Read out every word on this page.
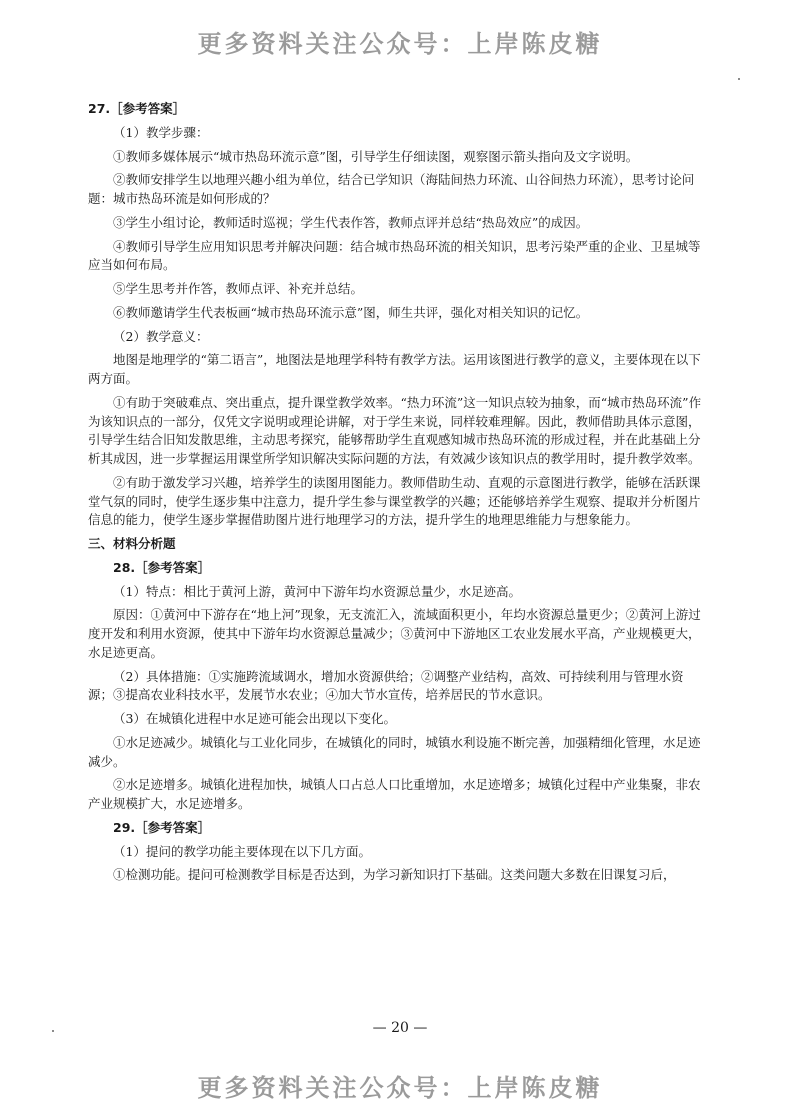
更多资料关注公众号：上岸陈皮糖

27.［参考答案］

（1）教学步骤：

①教师多媒体展示“城市热岛环流示意”图，引导学生仔细读图，观察图示箭头指向及文字说明。

②教师安排学生以地理兴趣小组为单位，结合已学知识（海陆间热力环流、山谷间热力环流），思考讨论问题：城市热岛环流是如何形成的？

③学生小组讨论，教师适时巡视；学生代表作答，教师点评并总结“热岛效应”的成因。

④教师引导学生应用知识思考并解决问题：结合城市热岛环流的相关知识，思考污染严重的企业、卫星城等应当如何布局。

⑤学生思考并作答，教师点评、补充并总结。

⑥教师邀请学生代表板画“城市热岛环流示意”图，师生共评，强化对相关知识的记忆。

（2）教学意义：

地图是地理学的“第二语言”，地图法是地理学科特有教学方法。运用该图进行教学的意义，主要体现在以下两方面。

①有助于突破难点、突出重点，提升课堂教学效率。“热力环流”这一知识点较为抽象，而“城市热岛环流”作为该知识点的一部分，仅凭文字说明或理论讲解，对于学生来说，同样较难理解。因此，教师借助具体示意图，引导学生结合旧知发散思维，主动思考探究，能够帮助学生直观感知城市热岛环流的形成过程，并在此基础上分析其成因，进一步掌握运用课堂所学知识解决实际问题的方法，有效减少该知识点的教学用时，提升教学效率。

②有助于激发学习兴趣，培养学生的读图用图能力。教师借助生动、直观的示意图进行教学，能够在活跃课堂气氛的同时，使学生逐步集中注意力，提升学生参与课堂教学的兴趣；还能够培养学生观察、提取并分析图片信息的能力，使学生逐步掌握借助图片进行地理学习的方法，提升学生的地理思维能力与想象能力。

三、材料分析题

28.［参考答案］

（1）特点：相比于黄河上游，黄河中下游年均水资源总量少，水足迹高。

原因：①黄河中下游存在“地上河”现象，无支流汇入，流域面积更小，年均水资源总量更少；②黄河上游过度开发和利用水资源，使其中下游年均水资源总量减少；③黄河中下游地区工农业发展水平高，产业规模更大，水足迹更高。

（2）具体措施：①实施跨流域调水，增加水资源供给；②调整产业结构，高效、可持续利用与管理水资源；③提高农业科技水平，发展节水农业；④加大节水宣传，培养居民的节水意识。

（3）在城镇化进程中水足迹可能会出现以下变化。

①水足迹减少。城镇化与工业化同步，在城镇化的同时，城镇水利设施不断完善，加强精细化管理，水足迹减少。

②水足迹增多。城镇化进程加快，城镇人口占总人口比重增加，水足迹增多；城镇化过程中产业集聚，非农产业规模扩大，水足迹增多。

29.［参考答案］

（1）提问的教学功能主要体现在以下几方面。

①检测功能。提问可检测教学目标是否达到，为学习新知识打下基础。这类问题大多数在旧课复习后，

— 20 —
更多资料关注公众号：上岸陈皮糖
